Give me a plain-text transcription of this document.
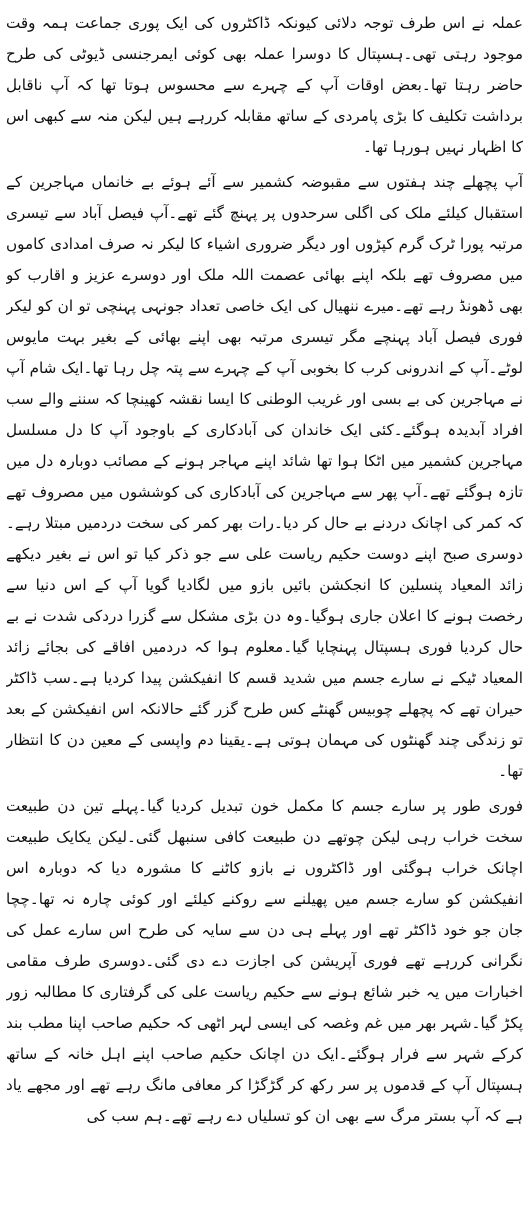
عملہ نے اس طرف توجہ دلائی کیونکہ ڈاکٹروں کی ایک پوری جماعت ہمہ وقت موجود رہتی تھی۔ہسپتال کا دوسرا عملہ بھی کوئی ایمرجنسی ڈیوٹی کی طرح حاضر رہتا تھا۔بعض اوقات آپ کے چہرے سے محسوس ہوتا تھا کہ آپ ناقابل برداشت تکلیف کا بڑی پامردی کے ساتھ مقابلہ کررہے ہیں لیکن منہ سے کبھی اس کا اظہار نہیں ہورہا تھا۔

آپ پچھلے چند ہفتوں سے مقبوضہ کشمیر سے آئے ہوئے بے خانماں مہاجرین کے استقبال کیلئے ملک کی اگلی سرحدوں پر پہنچ گئے تھے۔آپ فیصل آباد سے تیسری مرتبہ پورا ٹرک گرم کپڑوں اور دیگر ضروری اشیاء کا لیکر نہ صرف امدادی کاموں میں مصروف تھے بلکہ اپنے بھائی عصمت اللہ ملک اور دوسرے عزیز و اقارب کو بھی ڈھونڈ رہے تھے۔میرے ننھیال کی ایک خاصی تعداد جونہی پہنچی تو ان کو لیکر فوری فیصل آباد پہنچے مگر تیسری مرتبہ بھی اپنے بھائی کے بغیر بہت مایوس لوٹے۔آپ کے اندرونی کرب کا بخوبی آپ کے چہرے سے پتہ چل رہا تھا۔ایک شام آپ نے مہاجرین کی بے بسی اور غریب الوطنی کا ایسا نقشہ کھینچا کہ سننے والے سب افراد آبدیدہ ہوگئے۔کئی ایک خاندان کی آبادکاری کے باوجود آپ کا دل مسلسل مہاجرین کشمیر میں اٹکا ہوا تھا شائد اپنے مہاجر ہونے کے مصائب دوبارہ دل میں تازہ ہوگئے تھے۔آپ پھر سے مہاجرین کی آبادکاری کی کوششوں میں مصروف تھے کہ کمر کی اچانک دردنے بے حال کر دیا۔رات بھر کمر کی سخت دردمیں مبتلا رہے۔دوسری صبح اپنے دوست حکیم ریاست علی سے جو ذکر کیا تو اس نے بغیر دیکھے زائد المعیاد پنسلین کا انجکشن بائیں بازو میں لگادیا گویا آپ کے اس دنیا سے رخصت ہونے کا اعلان جاری ہوگیا۔وہ دن بڑی مشکل سے گزرا دردکی شدت نے بے حال کردیا فوری ہسپتال پہنچایا گیا۔معلوم ہوا کہ دردمیں افاقے کی بجائے زائد المعیاد ٹیکے نے سارے جسم میں شدید قسم کا انفیکشن پیدا کردیا ہے۔سب ڈاکٹر حیران تھے کہ پچھلے چوبیس گھنٹے کس طرح گزر گئے حالانکہ اس انفیکشن کے بعد تو زندگی چند گھنٹوں کی مہمان ہوتی ہے۔یقینا دم واپسی کے معین دن کا انتظار تھا۔

فوری طور پر سارے جسم کا مکمل خون تبدیل کردیا گیا۔پہلے تین دن طبیعت سخت خراب رہی لیکن چوتھے دن طبیعت کافی سنبھل گئی۔لیکن یکایک طبیعت اچانک خراب ہوگئی اور ڈاکٹروں نے بازو کاٹنے کا مشورہ دیا کہ دوبارہ اس انفیکشن کو سارے جسم میں پھیلنے سے روکنے کیلئے اور کوئی چارہ نہ تھا۔چچا جان جو خود ڈاکٹر تھے اور پہلے ہی دن سے سایہ کی طرح اس سارے عمل کی نگرانی کررہے تھے فوری آپریشن کی اجازت دے دی گئی۔دوسری طرف مقامی اخبارات میں یہ خبر شائع ہونے سے حکیم ریاست علی کی گرفتاری کا مطالبہ زور پکڑ گیا۔شہر بھر میں غم وغصہ کی ایسی لہر اٹھی کہ حکیم صاحب اپنا مطب بند کرکے شہر سے فرار ہوگئے۔ایک دن اچانک حکیم صاحب اپنے اہل خانہ کے ساتھ ہسپتال آپ کے قدموں پر سر رکھ کر گڑگڑا کر معافی مانگ رہے تھے اور مجھے یاد ہے کہ آپ بستر مرگ سے بھی ان کو تسلیاں دے رہے تھے۔ہم سب کی
